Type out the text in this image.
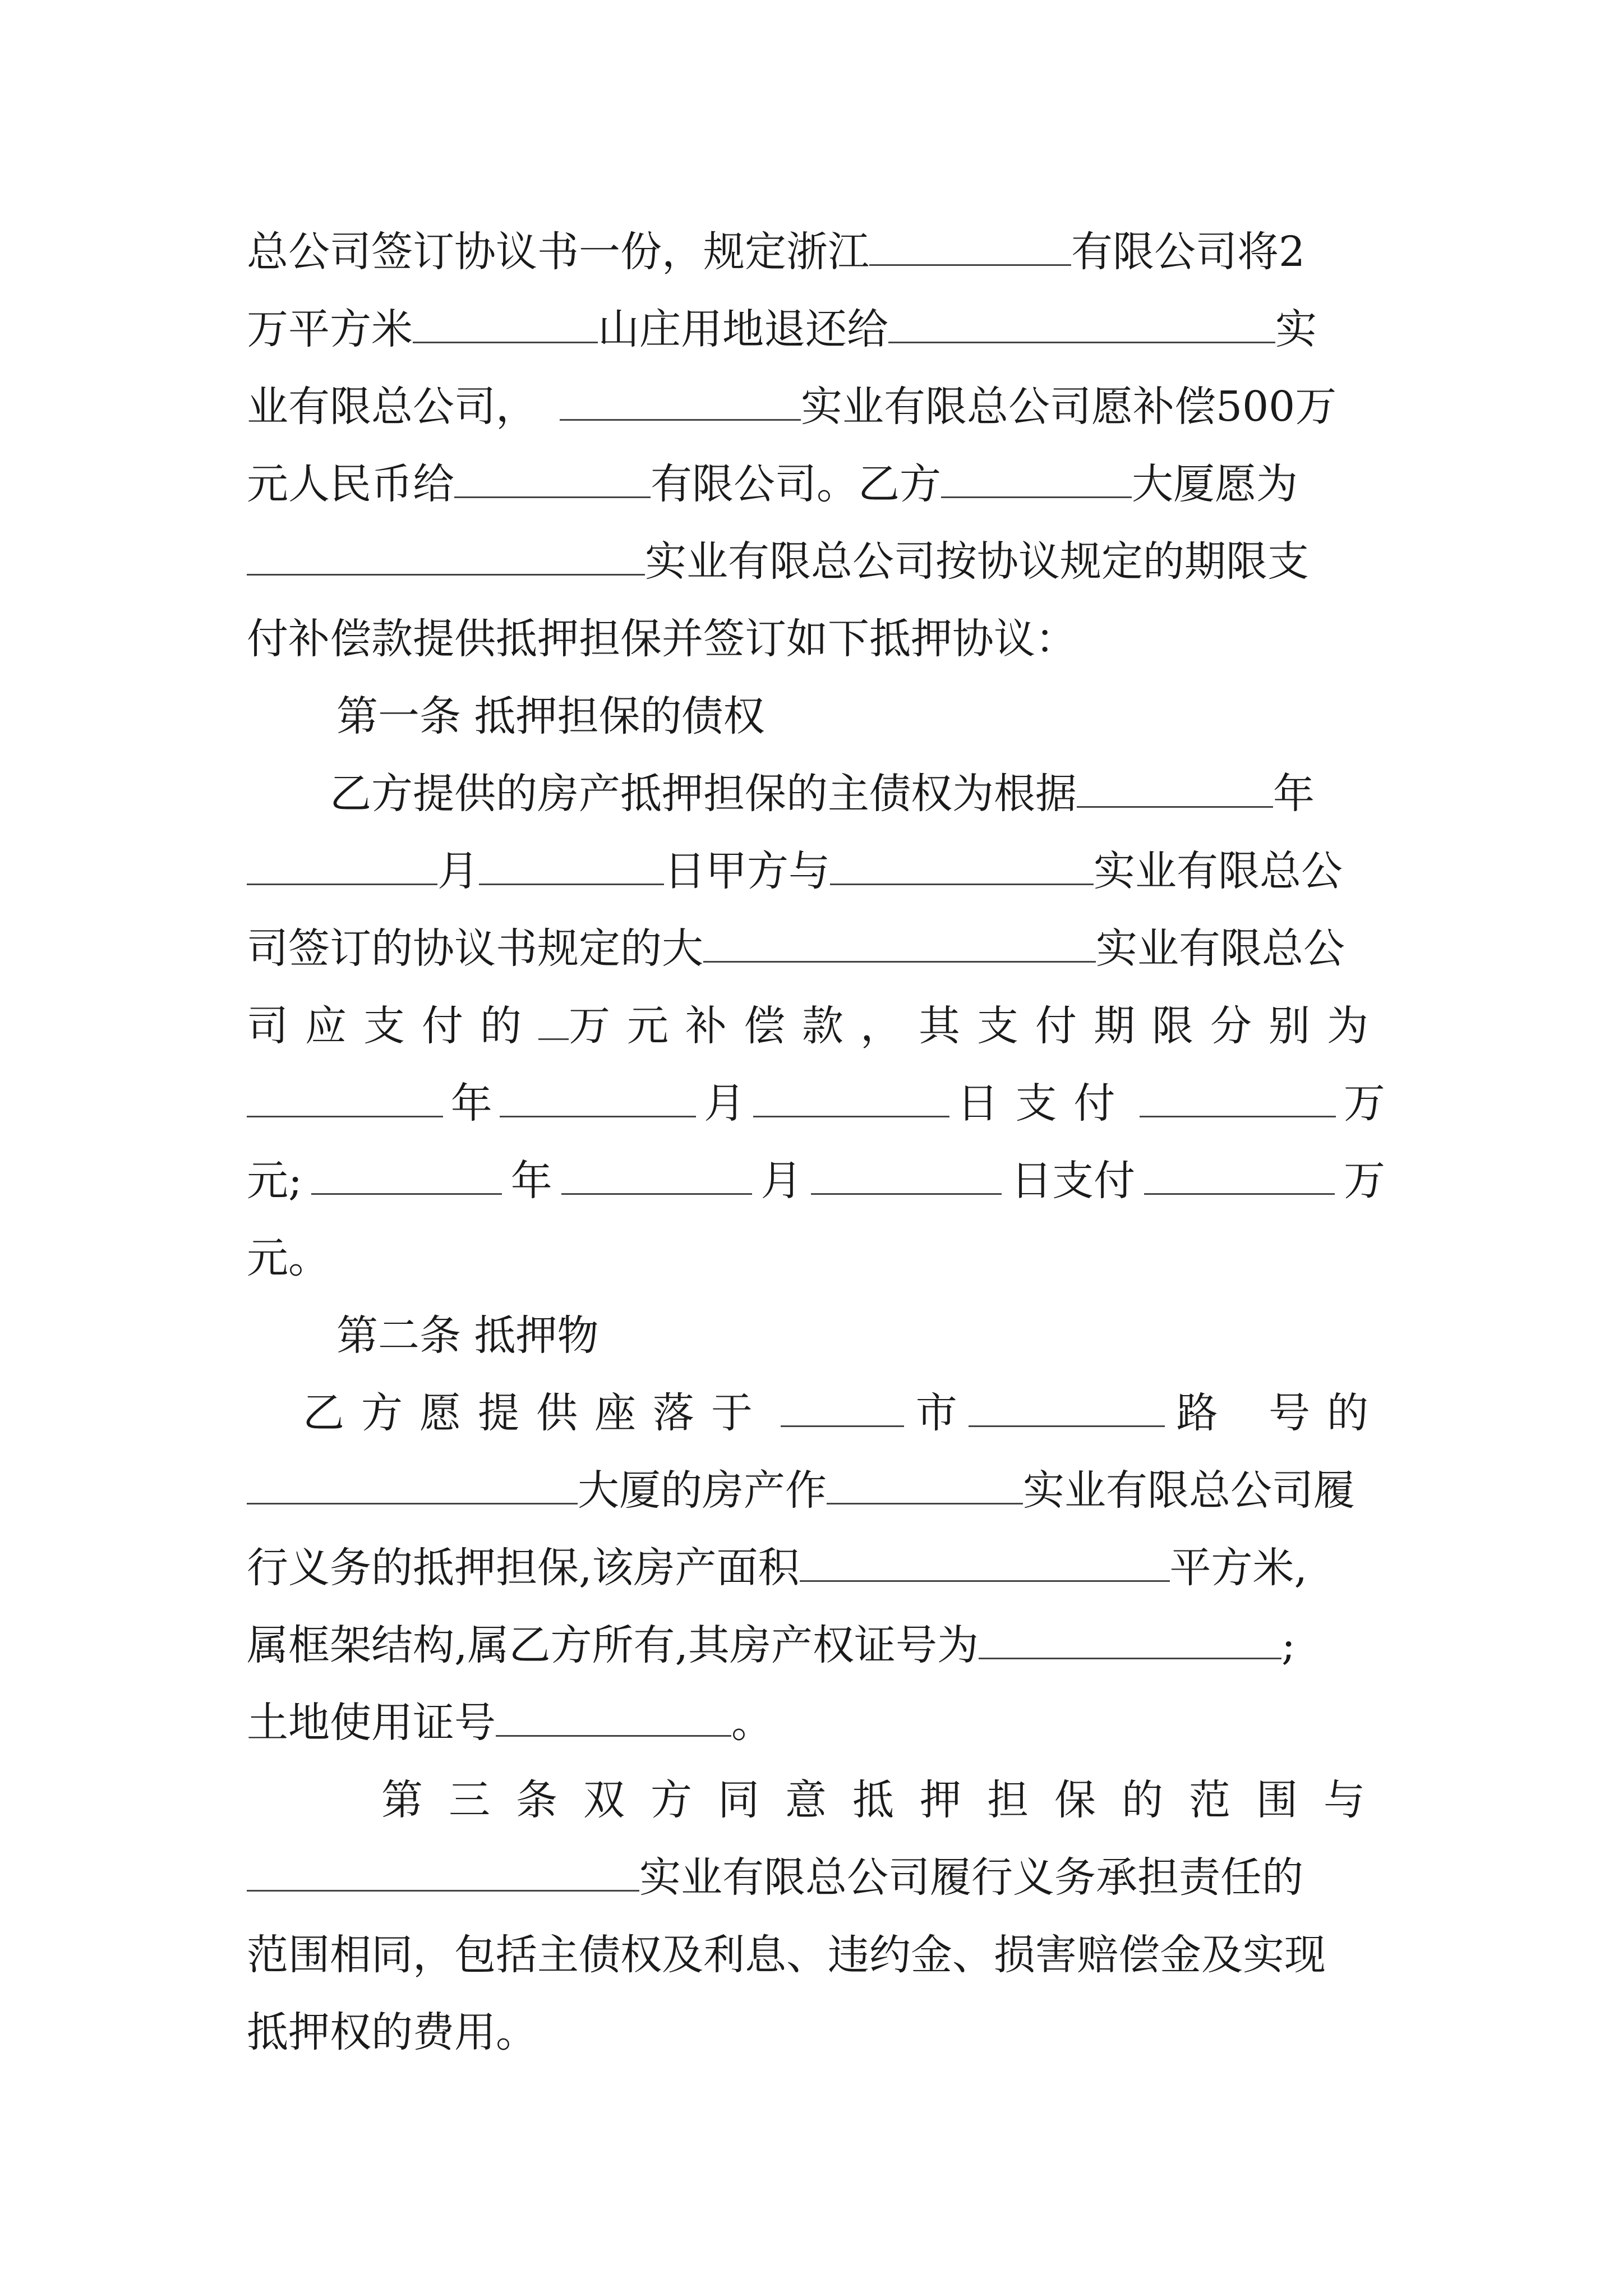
总公司签订协议书一份，规定浙江	有限公司将2
万平方米	山庄用地退还给	实
业有限总公司，	实业有限总公司愿补偿500万
元人民币给	有限公司。乙方	大厦愿为
实业有限总公司按协议规定的期限支
付补偿款提供抵押担保并签订如下抵押协议：
第一条 抵押担保的债权
乙方提供的房产抵押担保的主债权为根据	年
月	日甲方与	实业有限总公
司签订的协议书规定的大	实业有限总公
司应支付的 万元补偿款，其支付期限分别为
年	月	日支付	万
元;	年	月	日支付	万
元。
第二条 抵押物
乙方愿提供座落于	市	路 号的
大厦的房产作	实业有限总公司履
行义务的抵押担保,该房产面积	平方米,
属框架结构,属乙方所有,其房产权证号为	;
土地使用证号	。
第三条 双方同意抵押担保的范围与
实业有限总公司履行义务承担责任的
范围相同，包括主债权及利息、违约金、损害赔偿金及实现
抵押权的费用。
